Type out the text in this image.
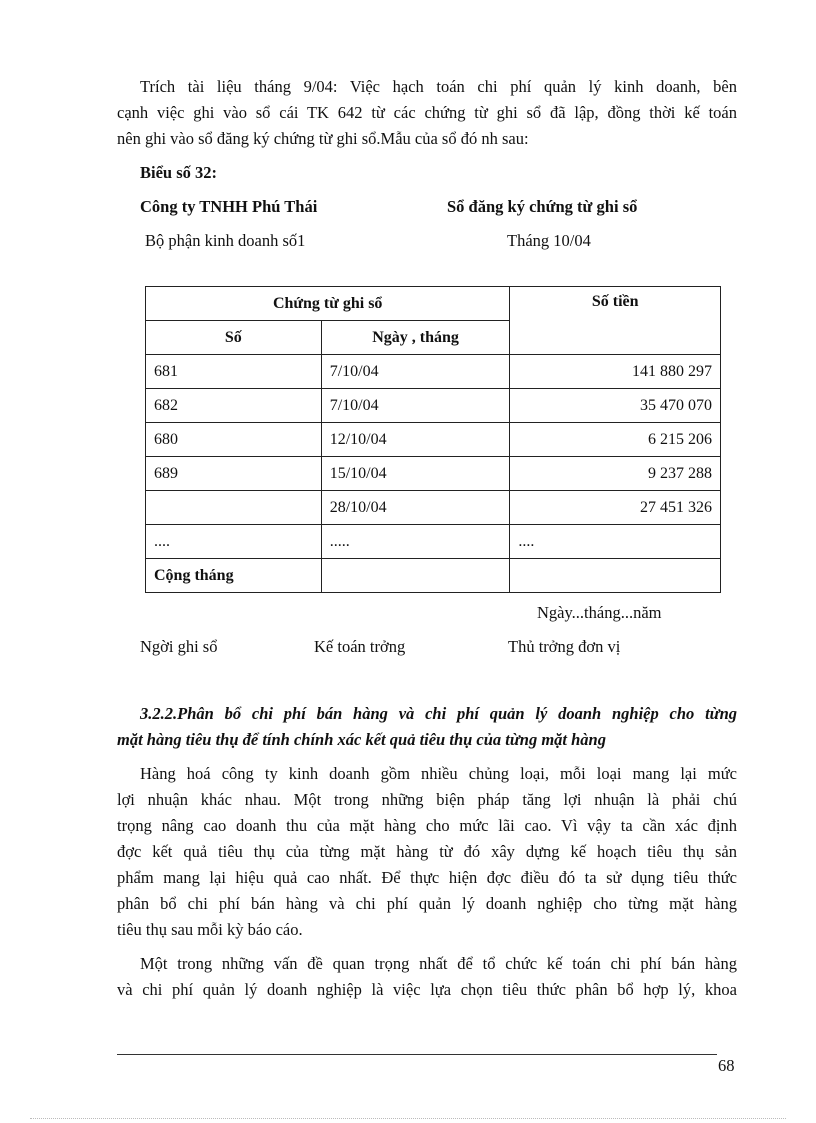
Trích tài liệu tháng 9/04: Việc hạch toán chi phí quản lý kinh doanh, bên
cạnh việc ghi vào sổ cái TK 642 từ các chứng từ ghi sổ đã lập, đồng thời kế toán
nên ghi vào sổ đăng ký chứng từ ghi sổ.Mẫu của sổ đó nh sau:
Biểu số 32:
Công ty TNHH Phú Thái	Sổ đăng ký chứng từ ghi sổ
Bộ phận kinh doanh số1	Tháng 10/04
Chứng từ ghi sổ		Số tiền
Số	Ngày , tháng	
681	7/10/04	141 880 297
682	7/10/04	35 470 070
680	12/10/04	6 215 206
689	15/10/04	9 237 288
	28/10/04	27 451 326
....	.....	....
Cộng tháng		
Ngày...tháng...năm
Ngời ghi sổ	Kế toán trởng	Thủ trởng đơn vị
3.2.2.Phân bổ chi phí bán hàng và chi phí quản lý doanh nghiệp cho từng
mặt hàng tiêu thụ để tính chính xác kết quả tiêu thụ của từng mặt hàng
Hàng hoá công ty kinh doanh gồm nhiều chủng loại, mỗi loại mang lại mức
lợi nhuận khác nhau. Một trong những biện pháp tăng lợi nhuận là phải chú
trọng nâng cao doanh thu của mặt hàng cho mức lãi cao. Vì vậy ta cần xác định
đợc kết quả tiêu thụ của từng mặt hàng từ đó xây dựng kế hoạch tiêu thụ sản
phẩm mang lại hiệu quả cao nhất. Để thực hiện đợc điều đó ta sử dụng tiêu thức
phân bổ chi phí bán hàng và chi phí quản lý doanh nghiệp cho từng mặt hàng
tiêu thụ sau mỗi kỳ báo cáo.
Một trong những vấn đề quan trọng nhất để tổ chức kế toán chi phí bán hàng
và chi phí quản lý doanh nghiệp là việc lựa chọn tiêu thức phân bổ hợp lý, khoa
68
